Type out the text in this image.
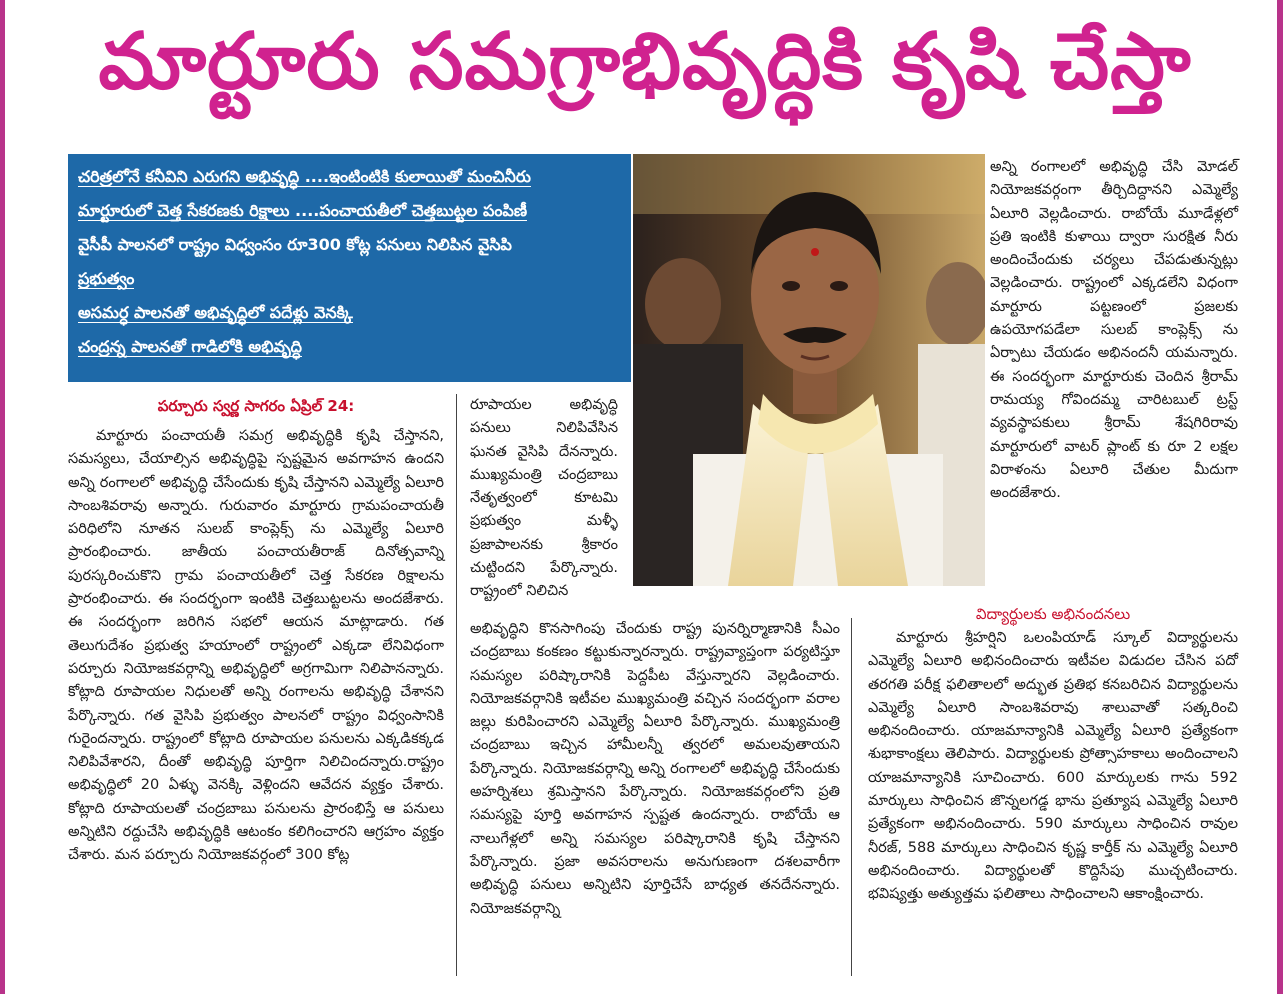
మార్టూరు సమగ్రాభివృద్ధికి కృషి చేస్తా
చరిత్రలోనే కనీవిని ఎరుగని అభివృద్ధి ....ఇంటింటికి కులాయితో మంచినీరు
మార్టూరులో చెత్త సేకరణకు రిక్షాలు ....పంచాయతీలో చెత్తబుట్టల పంపిణీ
వైసీపీ పాలనలో రాష్ట్రం విధ్వంసం రూ300 కోట్ల పనులు నిలిపిన వైసిపి
ప్రభుత్వం
అసమర్ధ పాలనతో అభివృద్ధిలో పదేళ్లు వెనక్కి
చంద్రన్న పాలనతో గాడిలోకి అభివృద్ధి
పర్చూరు స్వర్ణ సాగరం ఏప్రిల్ 24:

మార్టూరు పంచాయతీ సమగ్ర అభివృద్ధికి కృషి చేస్తానని, సమస్యలు, చేయాల్సిన అభివృద్ధిపై స్పష్టమైన అవగాహన ఉందని అన్ని రంగాలలో అభివృద్ధి చేసేందుకు కృషి చేస్తానని ఎమ్మెల్యే ఏలూరి సాంబశివరావు అన్నారు. గురువారం మార్టూరు గ్రామపంచాయతీ పరిధిలోని నూతన సులబ్ కాంప్లెక్స్ ను ఎమ్మెల్యే ఏలూరి ప్రారంభించారు. జాతీయ పంచాయతీరాజ్ దినోత్సవాన్ని పురస్కరించుకొని గ్రామ పంచాయతీలో చెత్త సేకరణ రిక్షాలను ప్రారంభించారు. ఈ సందర్భంగా ఇంటికి చెత్తబుట్టలను అందజేశారు. ఈ సందర్భంగా జరిగిన సభలో ఆయన మాట్లాడారు. గత తెలుగుదేశం ప్రభుత్వ హయాంలో రాష్ట్రంలో ఎక్కడా లేనివిధంగా పర్చూరు నియోజకవర్గాన్ని అభివృద్ధిలో అగ్రగామిగా నిలిపానన్నారు. కోట్లాది రూపాయల నిధులతో అన్ని రంగాలను అభివృద్ధి చేశానని పేర్కొన్నారు. గత వైసిపి ప్రభుత్వం పాలనలో రాష్ట్రం విధ్వంసానికి గురైందన్నారు. రాష్ట్రంలో కోట్లాది రూపాయల పనులను ఎక్కడికక్కడ నిలిపివేశారని, దీంతో అభివృద్ధి పూర్తిగా నిలిచిందన్నారు.రాష్ట్రం అభివృద్ధిలో 20 ఏళ్ళు వెనక్కి వెళ్లిందని ఆవేదన వ్యక్తం చేశారు. కోట్లాది రూపాయలతో చంద్రబాబు పనులను ప్రారంభిస్తే ఆ పనులు అన్నిటిని రద్దుచేసి అభివృద్ధికి ఆటంకం కలిగించారని ఆగ్రహం వ్యక్తం చేశారు. మన పర్చూరు నియోజకవర్గంలో 300 కోట్ల

రూపాయల అభివృద్ధి పనులు నిలిపివేసిన ఘనత వైసిపి దేనన్నారు. ముఖ్యమంత్రి చంద్రబాబు నేతృత్వంలో కూటమి ప్రభుత్వం మళ్ళీ ప్రజాపాలనకు శ్రీకారం చుట్టిందని పేర్కొన్నారు. రాష్ట్రంలో నిలిచిన

అభివృద్ధిని కొనసాగింపు చేందుకు రాష్ట్ర పునర్నిర్మాణానికి సీఎం చంద్రబాబు కంకణం కట్టుకున్నారన్నారు. రాష్ట్రవ్యాప్తంగా పర్యటిస్తూ సమస్యల పరిష్కారానికి పెద్దపీట వేస్తున్నారని వెల్లడించారు. నియోజకవర్గానికి ఇటీవల ముఖ్యమంత్రి వచ్చిన సందర్భంగా వరాల జల్లు కురిపించారని ఎమ్మెల్యే ఏలూరి పేర్కొన్నారు. ముఖ్యమంత్రి చంద్రబాబు ఇచ్చిన హామీలన్నీ త్వరలో అమలవుతాయని పేర్కొన్నారు. నియోజకవర్గాన్ని అన్ని రంగాలలో అభివృద్ధి చేసేందుకు అహర్నిశలు శ్రమిస్తానని పేర్కొన్నారు. నియోజకవర్గంలోని ప్రతి సమస్యపై పూర్తి అవగాహన స్పష్టత ఉందన్నారు. రాబోయే ఆ నాలుగేళ్లలో అన్ని సమస్యల పరిష్కారానికి కృషి చేస్తానని పేర్కొన్నారు. ప్రజా అవసరాలను అనుగుణంగా దశలవారీగా అభివృద్ధి పనులు అన్నిటిని పూర్తిచేసే బాధ్యత తనదేనన్నారు. నియోజకవర్గాన్ని

అన్ని రంగాలలో అభివృద్ధి చేసి మోడల్ నియోజకవర్గంగా తీర్చిదిద్దానని ఎమ్మెల్యే ఏలూరి వెల్లడించారు. రాబోయే మూడేళ్లలో ప్రతి ఇంటికి కుళాయి ద్వారా సురక్షిత నీరు అందించేందుకు చర్యలు చేపడుతున్నట్లు వెల్లడించారు. రాష్ట్రంలో ఎక్కడలేని విధంగా మార్టూరు పట్టణంలో ప్రజలకు ఉపయోగపడేలా సులబ్ కాంప్లెక్స్ ను ఏర్పాటు చేయడం అభినందనీ యమన్నారు. ఈ సందర్భంగా మార్టూరుకు చెందిన శ్రీరామ్ రామయ్య గోవిందమ్మ చారిటబుల్ ట్రస్ట్ వ్యవస్థాపకులు శ్రీరామ్ శేషగిరిరావు మార్టూరులో వాటర్ ప్లాంట్ కు రూ 2 లక్షల విరాళంను ఏలూరి చేతుల మీదుగా అందజేశారు.

విద్యార్థులకు అభినందనలు

మార్టూరు శ్రీహర్షిని ఒలంపియాడ్ స్కూల్ విద్యార్థులను ఎమ్మెల్యే ఏలూరి అభినందించారు ఇటీవల విడుదల చేసిన పదో తరగతి పరీక్ష ఫలితాలలో అద్భుత ప్రతిభ కనబరిచిన విద్యార్థులను ఎమ్మెల్యే ఏలూరి సాంబశివరావు శాలువాతో సత్కరించి అభినందించారు. యాజమాన్యానికి ఎమ్మెల్యే ఏలూరి ప్రత్యేకంగా శుభాకాంక్షలు తెలిపారు. విద్యార్థులకు ప్రోత్సాహకాలు అందించాలని యాజమాన్యానికి సూచించారు. 600 మార్కులకు గాను 592 మార్కులు సాధించిన జొన్నలగడ్డ భాను ప్రత్యూష ఎమ్మెల్యే ఏలూరి ప్రత్యేకంగా అభినందించారు. 590 మార్కులు సాధించిన రావుల నీరజ్, 588 మార్కులు సాధించిన కృష్ణ కార్తీక్ ను ఎమ్మెల్యే ఏలూరి అభినందించారు. విద్యార్థులతో కొద్దిసేపు ముచ్చటించారు. భవిష్యత్తు అత్యుత్తమ ఫలితాలు సాధించాలని ఆకాంక్షించారు.
